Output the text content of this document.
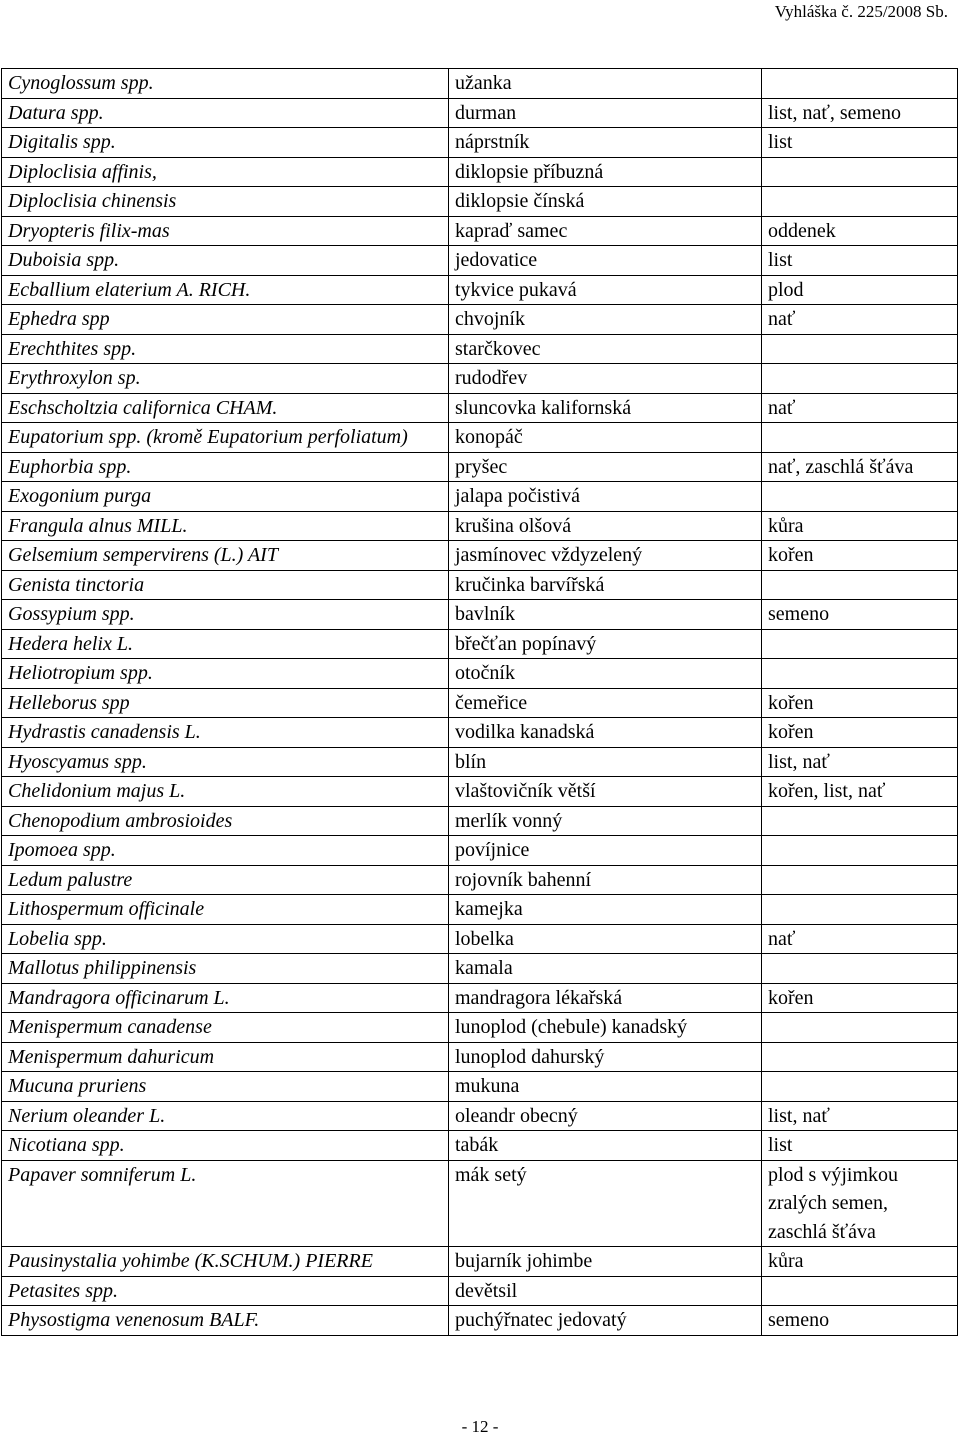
Vyhláška č. 225/2008 Sb.
Cynoglossum spp.	užanka	
Datura spp.	durman	list, nať, semeno
Digitalis spp.	náprstník	list
Diploclisia affinis,	diklopsie příbuzná	
Diploclisia chinensis	diklopsie čínská	
Dryopteris filix-mas	kapraď samec	oddenek
Duboisia spp.	jedovatice	list
Ecballium elaterium A. RICH.	tykvice pukavá	plod
Ephedra spp	chvojník	nať
Erechthites spp.	starčkovec	
Erythroxylon sp.	rudodřev	
Eschscholtzia californica CHAM.	sluncovka kalifornská	nať
Eupatorium spp. (kromě Eupatorium perfoliatum)	konopáč	
Euphorbia spp.	pryšec	nať, zaschlá šťáva
Exogonium purga	jalapa počistivá	
Frangula alnus MILL.	krušina olšová	kůra
Gelsemium sempervirens (L.) AIT	jasmínovec vždyzelený	kořen
Genista tinctoria	kručinka barvířská	
Gossypium spp.	bavlník	semeno
Hedera helix L.	břečťan popínavý	
Heliotropium spp.	otočník	
Helleborus spp	čemeřice	kořen
Hydrastis canadensis L.	vodilka kanadská	kořen
Hyoscyamus spp.	blín	list, nať
Chelidonium majus L.	vlaštovičník větší	kořen, list, nať
Chenopodium ambrosioides	merlík vonný	
Ipomoea spp.	povíjnice	
Ledum palustre	rojovník bahenní	
Lithospermum officinale	kamejka	
Lobelia spp.	lobelka	nať
Mallotus philippinensis	kamala	
Mandragora officinarum L.	mandragora lékařská	kořen
Menispermum canadense	lunoplod (chebule) kanadský	
Menispermum dahuricum	lunoplod dahurský	
Mucuna pruriens	mukuna	
Nerium oleander L.	oleandr obecný	list, nať
Nicotiana spp.	tabák	list
Papaver somniferum L.	mák setý	plod s výjimkou zralých semen, zaschlá šťáva
Pausinystalia yohimbe (K.SCHUM.) PIERRE	bujarník johimbe	kůra
Petasites spp.	devětsil	
Physostigma venenosum BALF.	puchýřnatec jedovatý	semeno
- 12 -
